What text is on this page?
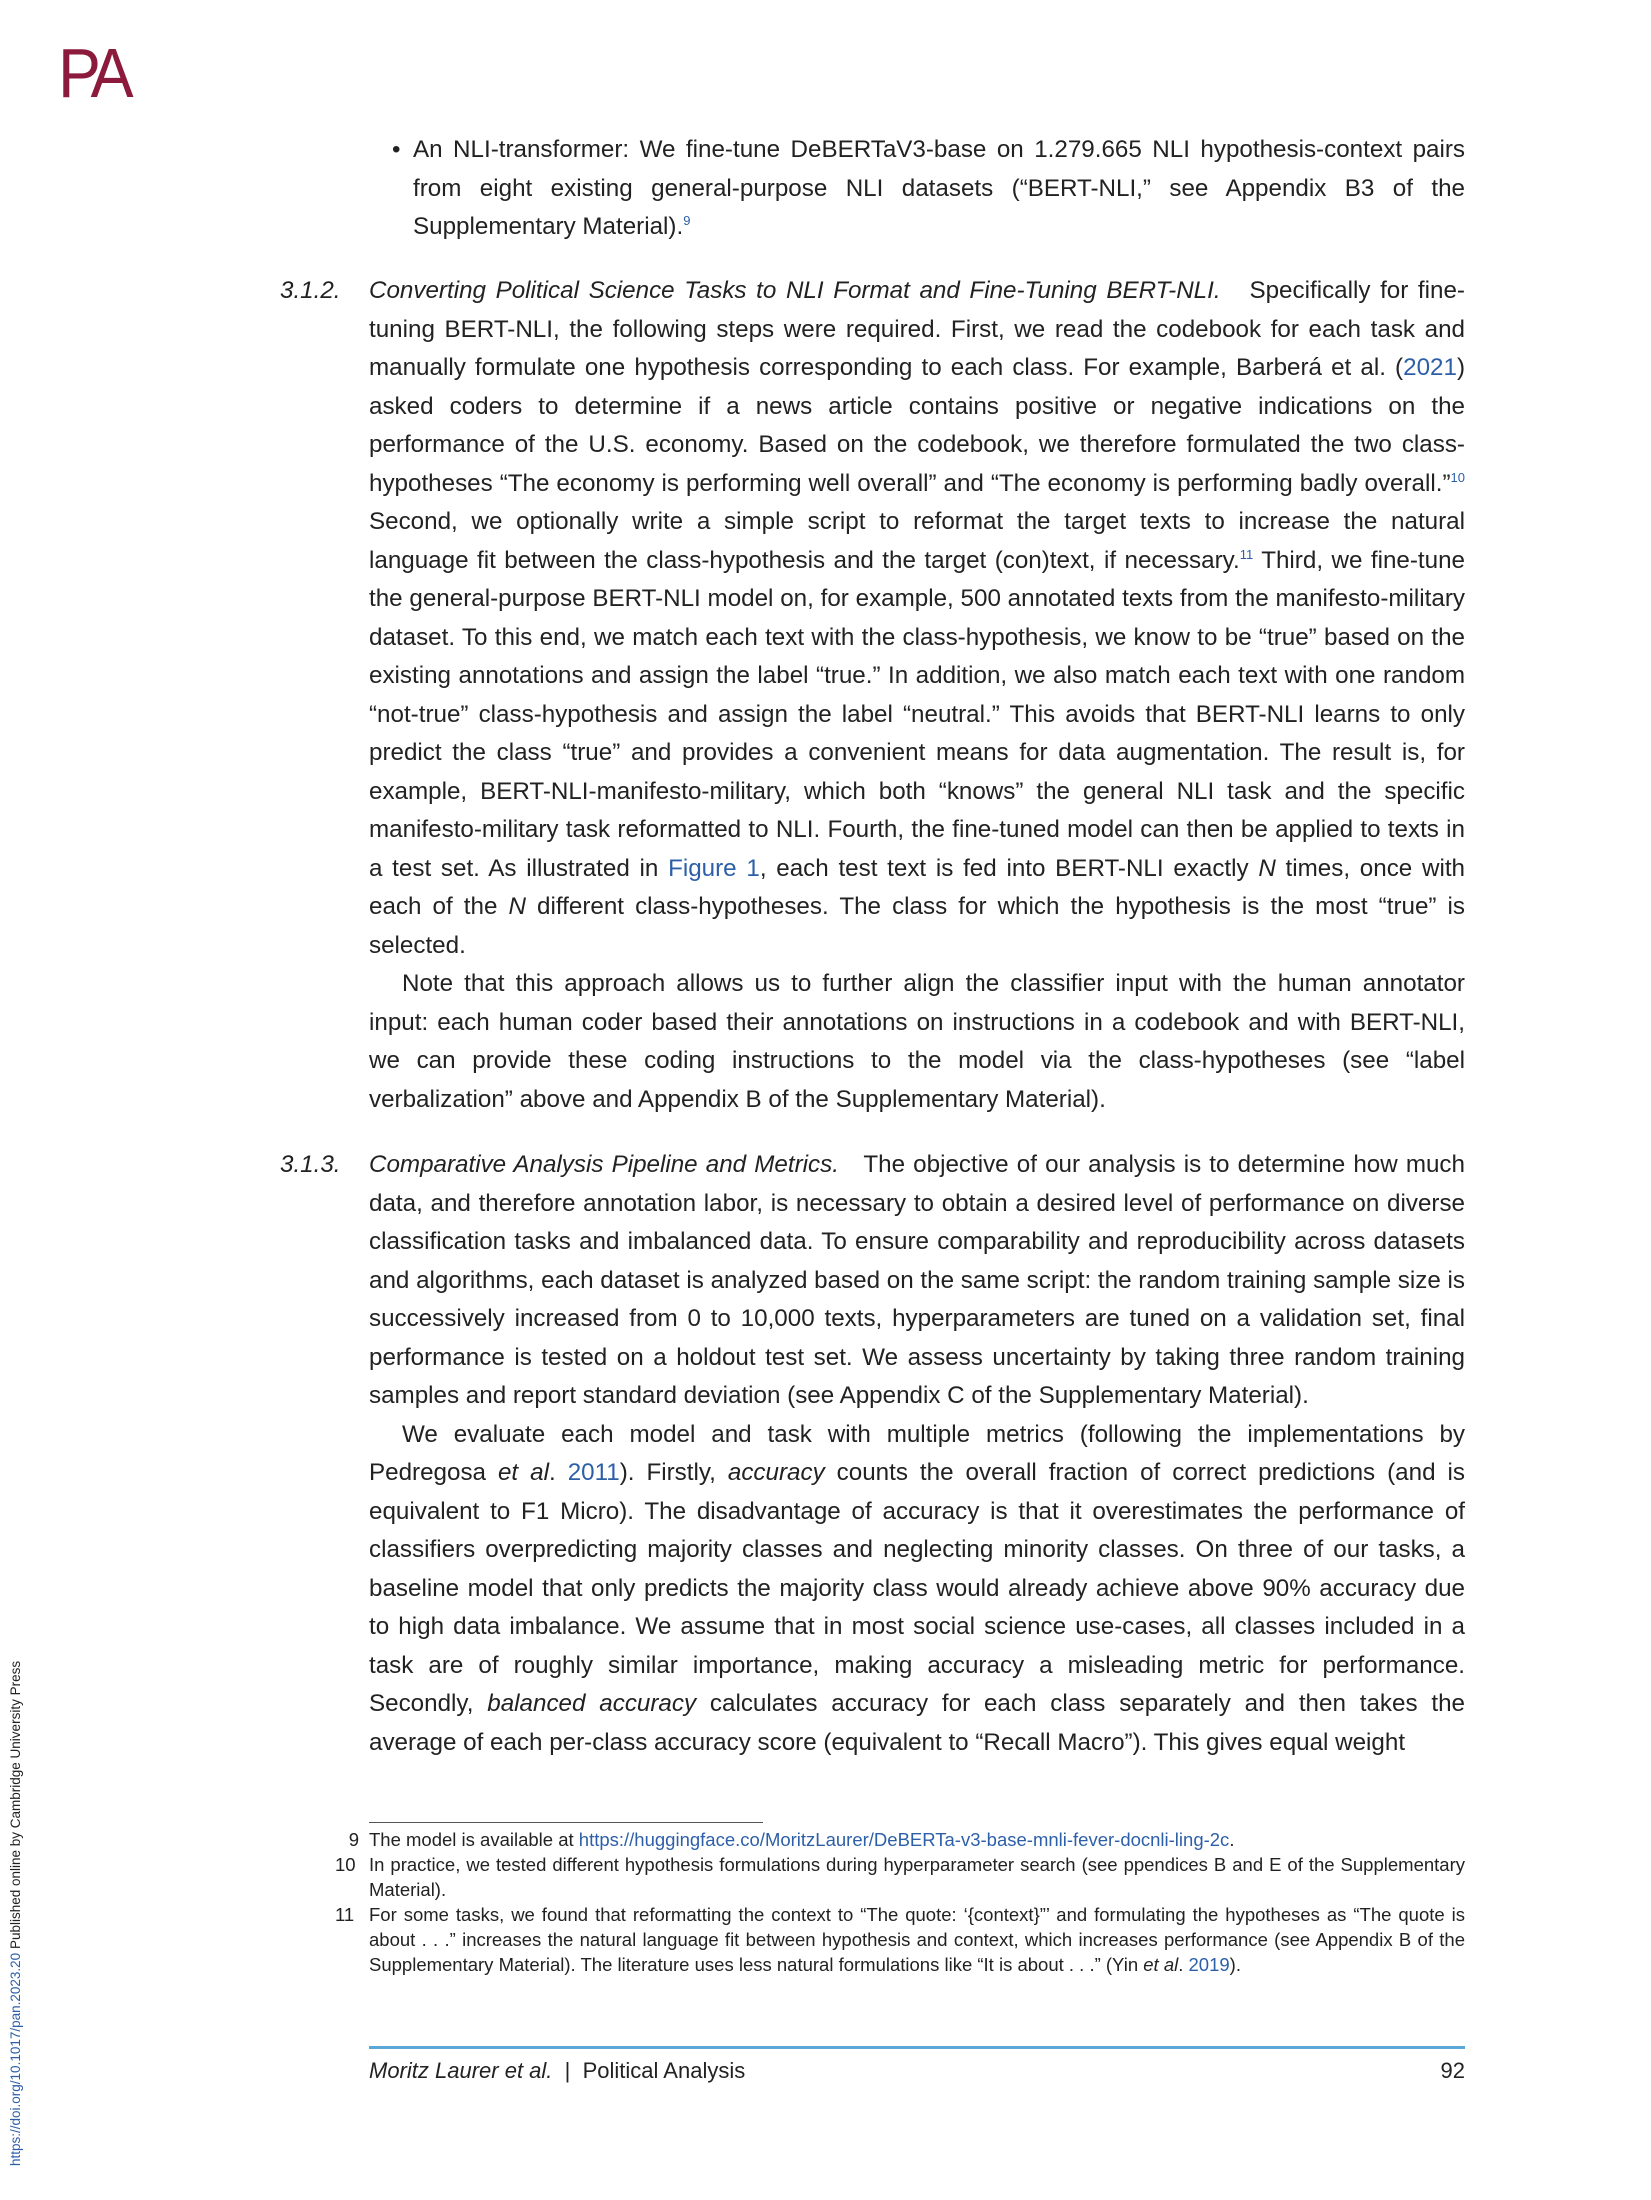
PA
https://doi.org/10.1017/pan.2023.20 Published online by Cambridge University Press
• An NLI-transformer: We fine-tune DeBERTaV3-base on 1.279.665 NLI hypothesis-context pairs from eight existing general-purpose NLI datasets (“BERT-NLI,” see Appendix B3 of the Supplementary Material).$^9$
3.1.2. Converting Political Science Tasks to NLI Format and Fine-Tuning BERT-NLI. Specifically for fine-tuning BERT-NLI, the following steps were required. First, we read the codebook for each task and manually formulate one hypothesis corresponding to each class. For example, Barberá et al. (2021) asked coders to determine if a news article contains positive or negative indications on the performance of the U.S. economy. Based on the codebook, we therefore formulated the two class-hypotheses “The economy is performing well overall” and “The economy is performing badly overall.”$^{10}$ Second, we optionally write a simple script to reformat the target texts to increase the natural language fit between the class-hypothesis and the target (con)text, if necessary.$^{11}$ Third, we fine-tune the general-purpose BERT-NLI model on, for example, 500 annotated texts from the manifesto-military dataset. To this end, we match each text with the class-hypothesis, we know to be “true” based on the existing annotations and assign the label “true.” In addition, we also match each text with one random “not-true” class-hypothesis and assign the label “neutral.” This avoids that BERT-NLI learns to only predict the class “true” and provides a convenient means for data augmentation. The result is, for example, BERT-NLI-manifesto-military, which both “knows” the general NLI task and the specific manifesto-military task reformatted to NLI. Fourth, the fine-tuned model can then be applied to texts in a test set. As illustrated in Figure 1, each test text is fed into BERT-NLI exactly N times, once with each of the N different class-hypotheses. The class for which the hypothesis is the most “true” is selected.

Note that this approach allows us to further align the classifier input with the human annotator input: each human coder based their annotations on instructions in a codebook and with BERT-NLI, we can provide these coding instructions to the model via the class-hypotheses (see “label verbalization” above and Appendix B of the Supplementary Material).

3.1.3. Comparative Analysis Pipeline and Metrics. The objective of our analysis is to determine how much data, and therefore annotation labor, is necessary to obtain a desired level of performance on diverse classification tasks and imbalanced data. To ensure comparability and reproducibility across datasets and algorithms, each dataset is analyzed based on the same script: the random training sample size is successively increased from 0 to 10,000 texts, hyperparameters are tuned on a validation set, final performance is tested on a holdout test set. We assess uncertainty by taking three random training samples and report standard deviation (see Appendix C of the Supplementary Material).

We evaluate each model and task with multiple metrics (following the implementations by Pedregosa et al. 2011). Firstly, accuracy counts the overall fraction of correct predictions (and is equivalent to F1 Micro). The disadvantage of accuracy is that it overestimates the performance of classifiers overpredicting majority classes and neglecting minority classes. On three of our tasks, a baseline model that only predicts the majority class would already achieve above 90% accuracy due to high data imbalance. We assume that in most social science use-cases, all classes included in a task are of roughly similar importance, making accuracy a misleading metric for performance. Secondly, balanced accuracy calculates accuracy for each class separately and then takes the average of each per-class accuracy score (equivalent to “Recall Macro”). This gives equal weight

9 The model is available at https://huggingface.co/MoritzLaurer/DeBERTa-v3-base-mnli-fever-docnli-ling-2c.
10 In practice, we tested different hypothesis formulations during hyperparameter search (see ppendices B and E of the Supplementary Material).
11 For some tasks, we found that reformatting the context to “The quote: ‘{context}”’ and formulating the hypotheses as “The quote is about . . .” increases the natural language fit between hypothesis and context, which increases performance (see Appendix B of the Supplementary Material). The literature uses less natural formulations like “It is about . . .” (Yin et al. 2019).
Moritz Laurer et al. | Political Analysis	92
